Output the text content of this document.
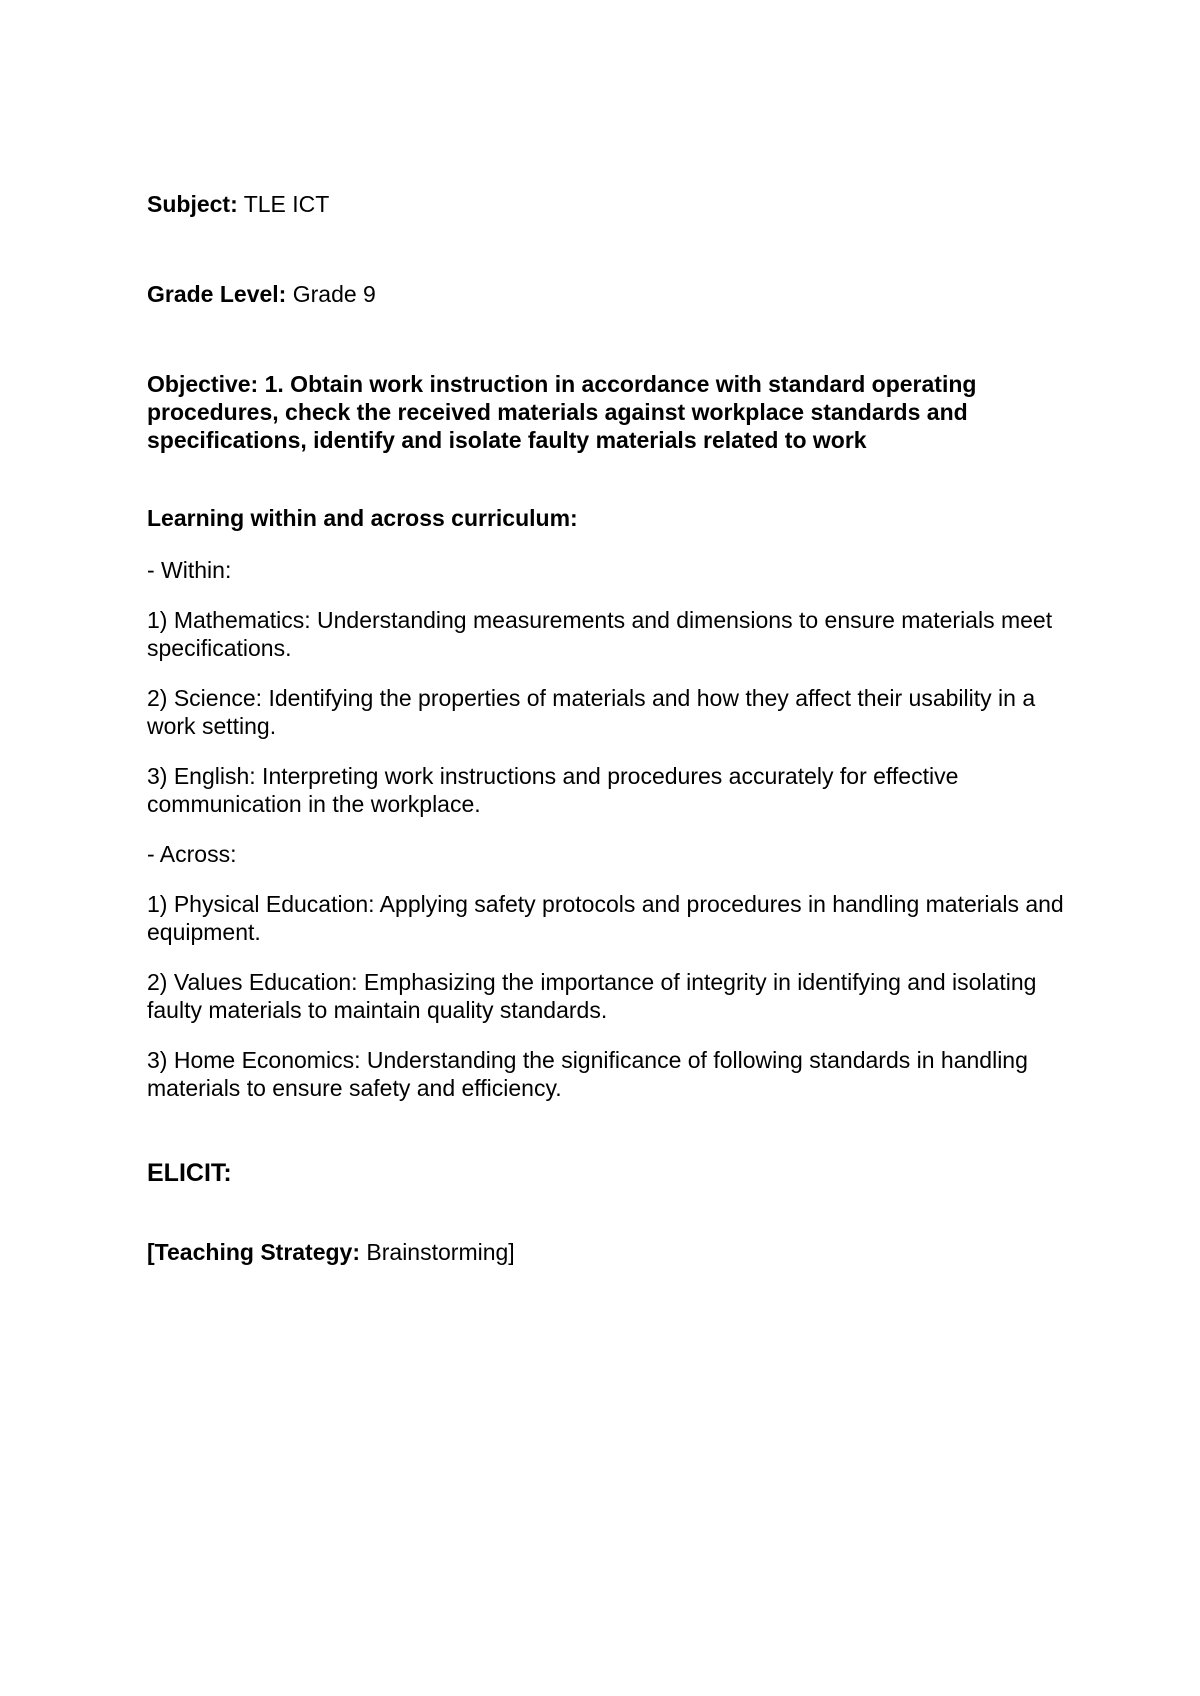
Subject: TLE ICT

Grade Level: Grade 9

Objective: 1. Obtain work instruction in accordance with standard operating procedures, check the received materials against workplace standards and specifications, identify and isolate faulty materials related to work

Learning within and across curriculum:

- Within:

1) Mathematics: Understanding measurements and dimensions to ensure materials meet specifications.

2) Science: Identifying the properties of materials and how they affect their usability in a work setting.

3) English: Interpreting work instructions and procedures accurately for effective communication in the workplace.

- Across:

1) Physical Education: Applying safety protocols and procedures in handling materials and equipment.

2) Values Education: Emphasizing the importance of integrity in identifying and isolating faulty materials to maintain quality standards.

3) Home Economics: Understanding the significance of following standards in handling materials to ensure safety and efficiency.

ELICIT:

[Teaching Strategy: Brainstorming]
